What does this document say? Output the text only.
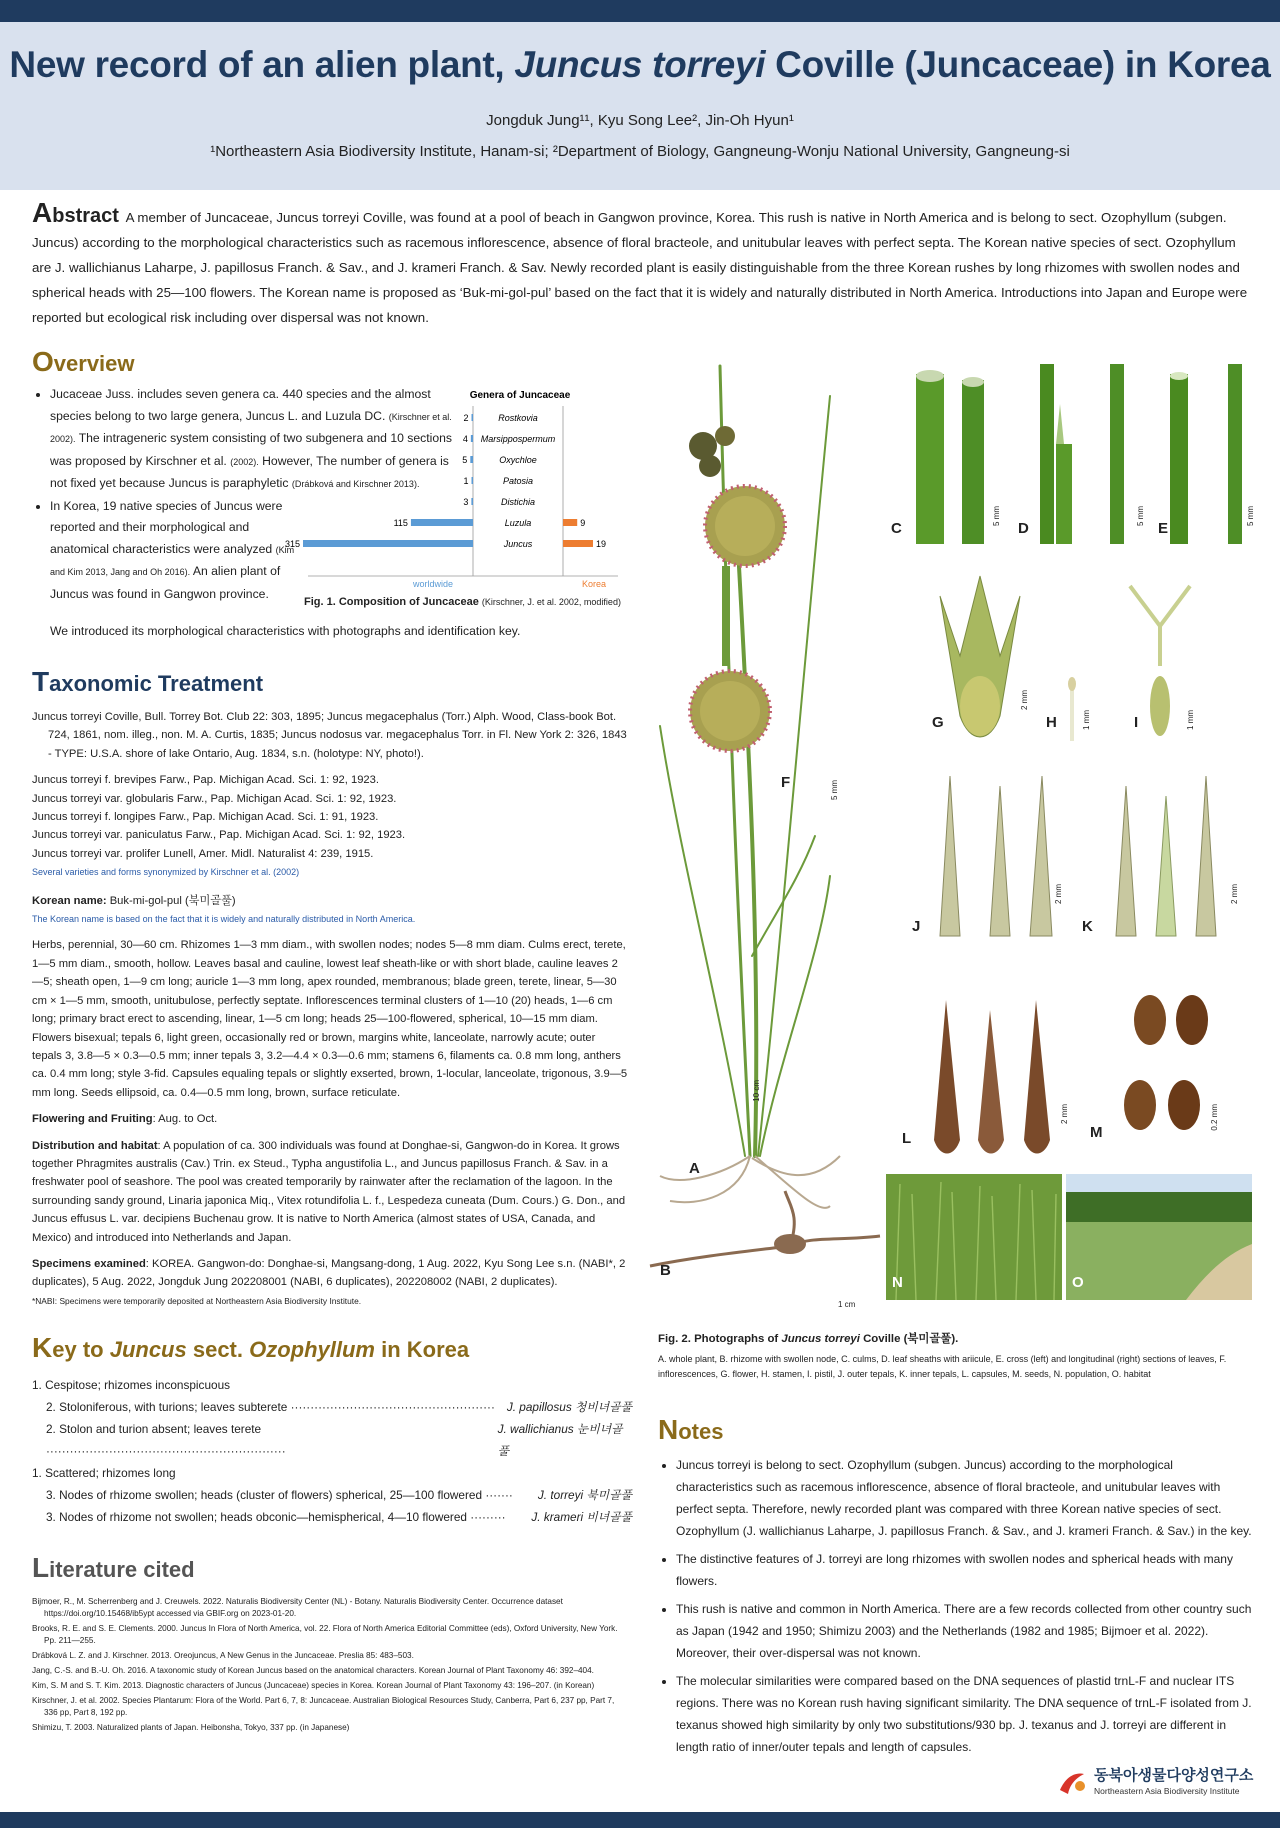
New record of an alien plant, Juncus torreyi Coville (Juncaceae) in Korea
Jongduk Jung¹¹, Kyu Song Lee², Jin-Oh Hyun¹
¹Northeastern Asia Biodiversity Institute, Hanam-si; ²Department of Biology, Gangneung-Wonju National University, Gangneung-si
Abstract A member of Juncaceae, Juncus torreyi Coville, was found at a pool of beach in Gangwon province, Korea. This rush is native in North America and is belong to sect. Ozophyllum (subgen. Juncus) according to the morphological characteristics such as racemous inflorescence, absence of floral bracteole, and unitubular leaves with perfect septa. The Korean native species of sect. Ozophyllum are J. wallichianus Laharpe, J. papillosus Franch. & Sav., and J. krameri Franch. & Sav. Newly recorded plant is easily distinguishable from the three Korean rushes by long rhizomes with swollen nodes and spherical heads with 25—100 flowers. The Korean name is proposed as ‘Buk-mi-gol-pul’ based on the fact that it is widely and naturally distributed in North America. Introductions into Japan and Europe were reported but ecological risk including over dispersal was not known.
Overview
• Jucaceae Juss. includes seven genera ca. 440 species and the almost species belong to two large genera, Juncus L. and Luzula DC. (Kirschner et al. 2002). The intrageneric system consisting of two subgenera and 10 sections was proposed by Kirschner et al. (2002). However, The number of genera is not fixed yet because Juncus is paraphyletic (Drábková and Kirschner 2013).
• In Korea, 19 native species of Juncus were reported and their morphological and anatomical characteristics were analyzed (Kim and Kim 2013, Jang and Oh 2016). An alien plant of Juncus was found in Gangwon province.
We introduced its morphological characteristics with photographs and identification key.
Genera of Juncaceae
Rostkovia
2
Marsippospermum
4
Oxychloe
5
Patosia
1
Distichia
3
Luzula
115	9
Juncus
315	19
worldwide	Korea
Fig. 1. Composition of Juncaceae (Kirschner, J. et al. 2002, modified)
Taxonomic Treatment

Juncus torreyi Coville, Bull. Torrey Bot. Club 22: 303, 1895; Juncus megacephalus (Torr.) Alph. Wood, Class-book Bot. 724, 1861, nom. illeg., non. M. A. Curtis, 1835; Juncus nodosus var. megacephalus Torr. in Fl. New York 2: 326, 1843 - TYPE: U.S.A. shore of lake Ontario, Aug. 1834, s.n. (holotype: NY, photo!).

Juncus torreyi f. brevipes Farw., Pap. Michigan Acad. Sci. 1: 92, 1923.
Juncus torreyi var. globularis Farw., Pap. Michigan Acad. Sci. 1: 92, 1923.
Juncus torreyi f. longipes Farw., Pap. Michigan Acad. Sci. 1: 91, 1923.
Juncus torreyi var. paniculatus Farw., Pap. Michigan Acad. Sci. 1: 92, 1923.
Juncus torreyi var. prolifer Lunell, Amer. Midl. Naturalist 4: 239, 1915.

Several varieties and forms synonymized by Kirschner et al. (2002)

Korean name: Buk-mi-gol-pul (북미골풀)

The Korean name is based on the fact that it is widely and naturally distributed in North America.

Herbs, perennial, 30—60 cm. Rhizomes 1—3 mm diam., with swollen nodes; nodes 5—8 mm diam. Culms erect, terete, 1—5 mm diam., smooth, hollow. Leaves basal and cauline, lowest leaf sheath-like or with short blade, cauline leaves 2—5; sheath open, 1—9 cm long; auricle 1—3 mm long, apex rounded, membranous; blade green, terete, linear, 5—30 cm × 1—5 mm, smooth, unitubulose, perfectly septate. Inflorescences terminal clusters of 1—10 (20) heads, 1—6 cm long; primary bract erect to ascending, linear, 1—5 cm long; heads 25—100-flowered, spherical, 10—15 mm diam. Flowers bisexual; tepals 6, light green, occasionally red or brown, margins white, lanceolate, narrowly acute; outer tepals 3, 3.8—5 × 0.3—0.5 mm; inner tepals 3, 3.2—4.4 × 0.3—0.6 mm; stamens 6, filaments ca. 0.8 mm long, anthers ca. 0.4 mm long; style 3-fid. Capsules equaling tepals or slightly exserted, brown, 1-locular, lanceolate, trigonous, 3.9—5 mm long. Seeds ellipsoid, ca. 0.4—0.5 mm long, brown, surface reticulate.

Flowering and Fruiting: Aug. to Oct.

Distribution and habitat: A population of ca. 300 individuals was found at Donghae-si, Gangwon-do in Korea. It grows together Phragmites australis (Cav.) Trin. ex Steud., Typha angustifolia L., and Juncus papillosus Franch. & Sav. in a freshwater pool of seashore. The pool was created temporarily by rainwater after the reclamation of the lagoon. In the surrounding sandy ground, Linaria japonica Miq., Vitex rotundifolia L. f., Lespedeza cuneata (Dum. Cours.) G. Don., and Juncus effusus L. var. decipiens Buchenau grow. It is native to North America (almost states of USA, Canada, and Mexico) and introduced into Netherlands and Japan.

Specimens examined: KOREA. Gangwon-do: Donghae-si, Mangsang-dong, 1 Aug. 2022, Kyu Song Lee s.n. (NABI*, 2 duplicates), 5 Aug. 2022, Jongduk Jung 202208001 (NABI, 6 duplicates), 202208002 (NABI, 2 duplicates).

*NABI: Specimens were temporarily deposited at Northeastern Asia Biodiversity Institute.

Key to Juncus sect. Ozophyllum in Korea
1. Cespitose; rhizomes inconspicuous
2. Stoloniferous, with turions; leaves subterete ···················································· J. papillosus 청비녀골풀
2. Stolon and turion absent; leaves terete ·····························································
J. wallichianus 눈비녀골풀
1. Scattered; rhizomes long
3. Nodes of rhizome swollen; heads (cluster of flowers) spherical, 25—100 flowered ······· J. torreyi 북미골풀
3. Nodes of rhizome not swollen; heads obconic—hemispherical, 4—10 flowered ········· J. krameri 비녀골풀
Literature cited

Bijmoer, R., M. Scherrenberg and J. Creuwels. 2022. Naturalis Biodiversity Center (NL) - Botany. Naturalis Biodiversity Center. Occurrence dataset https://doi.org/10.15468/ib5ypt accessed via GBIF.org on 2023-01-20.

Brooks, R. E. and S. E. Clements. 2000. Juncus In Flora of North America, vol. 22. Flora of North America Editorial Committee (eds), Oxford University, New York. Pp. 211—255.

Drábková L. Z. and J. Kirschner. 2013. Oreojuncus, A New Genus in the Juncaceae. Preslia 85: 483–503.

Jang, C.-S. and B.-U. Oh. 2016. A taxonomic study of Korean Juncus based on the anatomical characters. Korean Journal of Plant Taxonomy 46: 392–404.

Kim, S. M and S. T. Kim. 2013. Diagnostic characters of Juncus (Juncaceae) species in Korea. Korean Journal of Plant Taxonomy 43: 196–207. (in Korean)

Kirschner, J. et al. 2002. Species Plantarum: Flora of the World. Part 6, 7, 8: Juncaceae. Australian Biological Resources Study, Canberra, Part 6, 237 pp, Part 7, 336 pp, Part 8, 192 pp.

Shimizu, T. 2003. Naturalized plants of Japan. Heibonsha, Tokyo, 337 pp. (in Japanese)

A
B
F
10 cm
1 cm
5 mm
C	D	E
5 mm	5 mm	5 mm
G	H	I
2 mm
1 mm	1 mm
J	K
2 mm	2 mm
L	M
2 mm	0.2 mm
N	O
Fig. 2. Photographs of Juncus torreyi Coville (북미골풀).
A. whole plant, B. rhizome with swollen node, C. culms, D. leaf sheaths with ariicule, E. cross (left) and longitudinal (right) sections of leaves, F. inflorescences, G. flower, H. stamen, I. pistil, J. outer tepals, K. inner tepals, L. capsules, M. seeds, N. population, O. habitat
Notes
• Juncus torreyi is belong to sect. Ozophyllum (subgen. Juncus) according to the morphological characteristics such as racemous inflorescence, absence of floral bracteole, and unitubular leaves with perfect septa. Therefore, newly recorded plant was compared with three Korean native species of sect. Ozophyllum (J. wallichianus Laharpe, J. papillosus Franch. & Sav., and J. krameri Franch. & Sav.) in the key.
• The distinctive features of J. torreyi are long rhizomes with swollen nodes and spherical heads with many flowers.
• This rush is native and common in North America. There are a few records collected from other country such as Japan (1942 and 1950; Shimizu 2003) and the Netherlands (1982 and 1985; Bijmoer et al. 2022). Moreover, their over-dispersal was not known.
• The molecular similarities were compared based on the DNA sequences of plastid trnL-F and nuclear ITS regions. There was no Korean rush having significant similarity. The DNA sequence of trnL-F isolated from J. texanus showed high similarity by only two substitutions/930 bp. J. texanus and J. torreyi are different in length ratio of inner/outer tepals and length of capsules.
동북아생물다양성연구소
Northeastern Asia Biodiversity Institute
